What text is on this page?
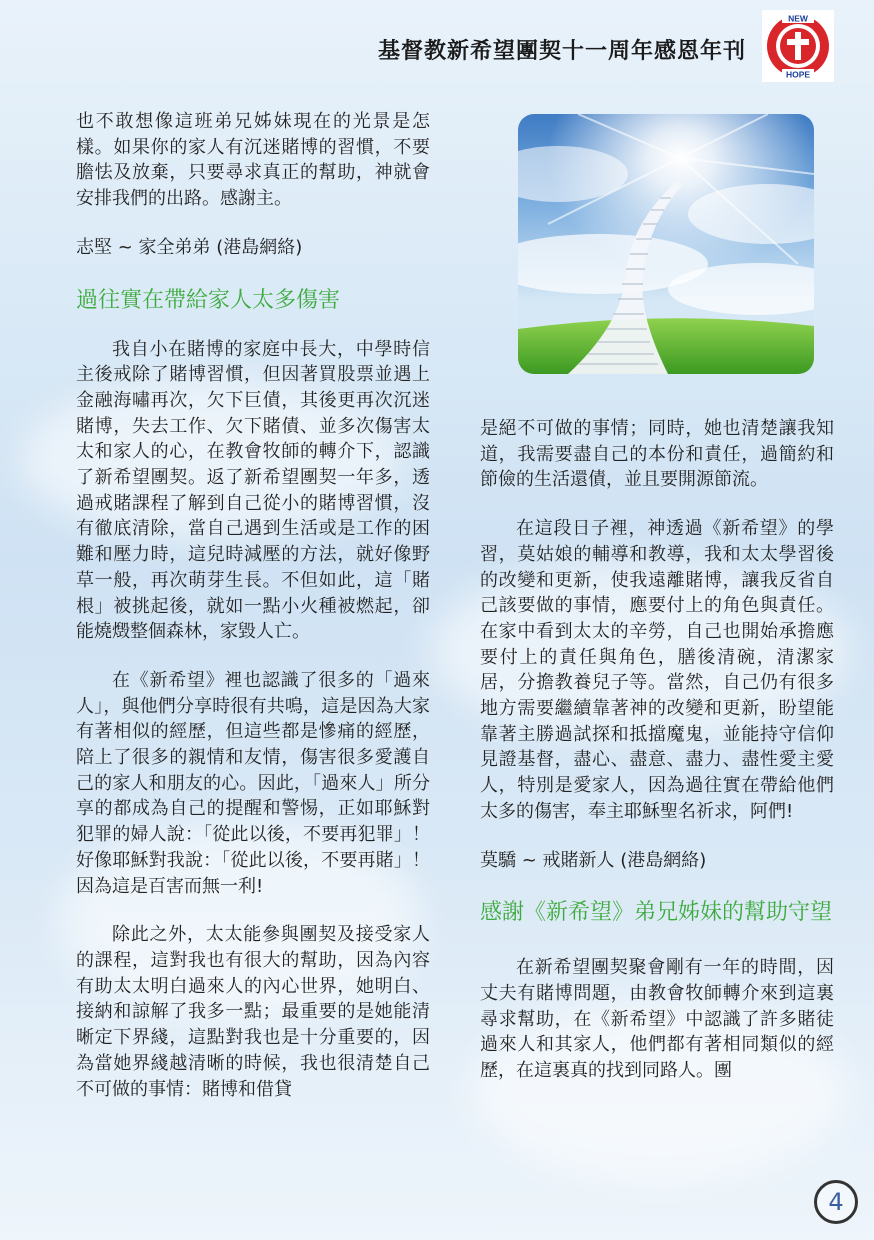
基督教新希望團契十一周年感恩年刊
NEW
HOPE

也不敢想像這班弟兄姊妹現在的光景是怎樣。如果你的家人有沉迷賭博的習慣，不要膽怯及放棄，只要尋求真正的幫助，神就會安排我們的出路。感謝主。

志堅 ~ 家全弟弟 (港島網絡)

過往實在帶給家人太多傷害

我自小在賭博的家庭中長大，中學時信主後戒除了賭博習慣，但因著買股票並遇上金融海嘯再次，欠下巨債，其後更再次沉迷賭博，失去工作、欠下賭債、並多次傷害太太和家人的心，在教會牧師的轉介下，認識了新希望團契。返了新希望團契一年多，透過戒賭課程了解到自己從小的賭博習慣，沒有徹底清除，當自己遇到生活或是工作的困難和壓力時，這兒時減壓的方法，就好像野草一般，再次萌芽生長。不但如此，這「賭根」被挑起後，就如一點小火種被燃起，卻能燒燬整個森林，家毀人亡。

在《新希望》裡也認識了很多的「過來人」，與他們分享時很有共鳴，這是因為大家有著相似的經歷，但這些都是慘痛的經歷，陪上了很多的親情和友情，傷害很多愛護自己的家人和朋友的心。因此，「過來人」所分享的都成為自己的提醒和警惕，正如耶穌對犯罪的婦人說：「從此以後，不要再犯罪」！好像耶穌對我說：「從此以後，不要再賭」！因為這是百害而無一利!

除此之外，太太能參與團契及接受家人的課程，這對我也有很大的幫助，因為內容有助太太明白過來人的內心世界，她明白、接納和諒解了我多一點；最重要的是她能清晰定下界綫，這點對我也是十分重要的，因為當她界綫越清晰的時候，我也很清楚自己不可做的事情：賭博和借貸

是絕不可做的事情；同時，她也清楚讓我知道，我需要盡自己的本份和責任，過簡約和節儉的生活還債，並且要開源節流。

在這段日子裡，神透過《新希望》的學習，莫姑娘的輔導和教導，我和太太學習後的改變和更新，使我遠離賭博，讓我反省自己該要做的事情，應要付上的角色與責任。在家中看到太太的辛勞，自己也開始承擔應要付上的責任與角色，膳後清碗，清潔家居，分擔教養兒子等。當然，自己仍有很多地方需要繼續靠著神的改變和更新，盼望能靠著主勝過試探和抵擋魔鬼，並能持守信仰見證基督，盡心、盡意、盡力、盡性愛主愛人，特別是愛家人，因為過往實在帶給他們太多的傷害，奉主耶穌聖名祈求，阿們!

莫驕 ~ 戒賭新人 (港島網絡)

感謝《新希望》弟兄姊妹的幫助守望

在新希望團契聚會剛有一年的時間，因丈夫有賭博問題，由教會牧師轉介來到這裏尋求幫助，在《新希望》中認識了許多賭徒過來人和其家人，他們都有著相同類似的經歷，在這裏真的找到同路人。團

4
